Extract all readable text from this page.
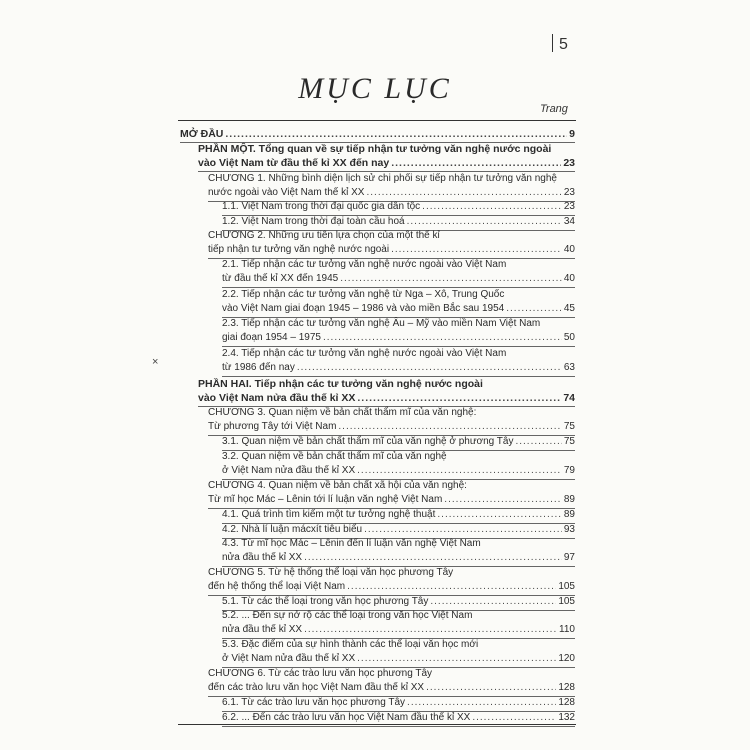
5
MỤC LỤC
Trang
×
MỞ ĐẦU .....	9
PHẦN MỘT. Tổng quan về sự tiếp nhận tư tưởng văn nghệ nước ngoài
vào Việt Nam từ đầu thế kỉ XX đến nay .....	23
CHƯƠNG 1. Những bình diện lịch sử chi phối sự tiếp nhận tư tưởng văn nghệ
nước ngoài vào Việt Nam thế kỉ XX .....	23
1.1. Việt Nam trong thời đại quốc gia dân tộc .....	23
1.2. Việt Nam trong thời đại toàn cầu hoá .....	34
CHƯƠNG 2. Những ưu tiên lựa chọn của một thế kỉ
tiếp nhận tư tưởng văn nghệ nước ngoài .....	40
2.1. Tiếp nhận các tư tưởng văn nghệ nước ngoài vào Việt Nam
từ đầu thế kỉ XX đến 1945 .....	40
2.2. Tiếp nhận các tư tưởng văn nghệ từ Nga – Xô, Trung Quốc
vào Việt Nam giai đoạn 1945 – 1986 và vào miền Bắc sau 1954 .....	45
2.3. Tiếp nhận các tư tưởng văn nghệ Âu – Mỹ vào miền Nam Việt Nam
giai đoạn 1954 – 1975 .....	50
2.4. Tiếp nhận các tư tưởng văn nghệ nước ngoài vào Việt Nam
từ 1986 đến nay .....	63
PHẦN HAI. Tiếp nhận các tư tưởng văn nghệ nước ngoài
vào Việt Nam nửa đầu thế kỉ XX .....	74
CHƯƠNG 3. Quan niệm về bản chất thẩm mĩ của văn nghệ:
Từ phương Tây tới Việt Nam .....	75
3.1. Quan niệm về bản chất thẩm mĩ của văn nghệ ở phương Tây .....	75
3.2. Quan niệm về bản chất thẩm mĩ của văn nghệ
ở Việt Nam nửa đầu thế kỉ XX .....	79
CHƯƠNG 4. Quan niệm về bản chất xã hội của văn nghệ:
Từ mĩ học Mác – Lênin tới lí luận văn nghệ Việt Nam .....	89
4.1. Quá trình tìm kiếm một tư tưởng nghệ thuật .....	89
4.2. Nhà lí luận mácxít tiêu biểu .....	93
4.3. Từ mĩ học Mác – Lênin đến lí luận văn nghệ Việt Nam
nửa đầu thế kỉ XX .....	97
CHƯƠNG 5. Từ hệ thống thể loại văn học phương Tây
đến hệ thống thể loại Việt Nam .....	105
5.1. Từ các thể loại trong văn học phương Tây .....	105
5.2. ... Đến sự nở rộ các thể loại trong văn học Việt Nam
nửa đầu thế kỉ XX .....	110
5.3. Đặc điểm của sự hình thành các thể loại văn học mới
ở Việt Nam nửa đầu thế kỉ XX .....	120
CHƯƠNG 6. Từ các trào lưu văn học phương Tây
đến các trào lưu văn học Việt Nam đầu thế kỉ XX .....	128
6.1. Từ các trào lưu văn học phương Tây .....	128
6.2. ... Đến các trào lưu văn học Việt Nam đầu thế kỉ XX .....	132
